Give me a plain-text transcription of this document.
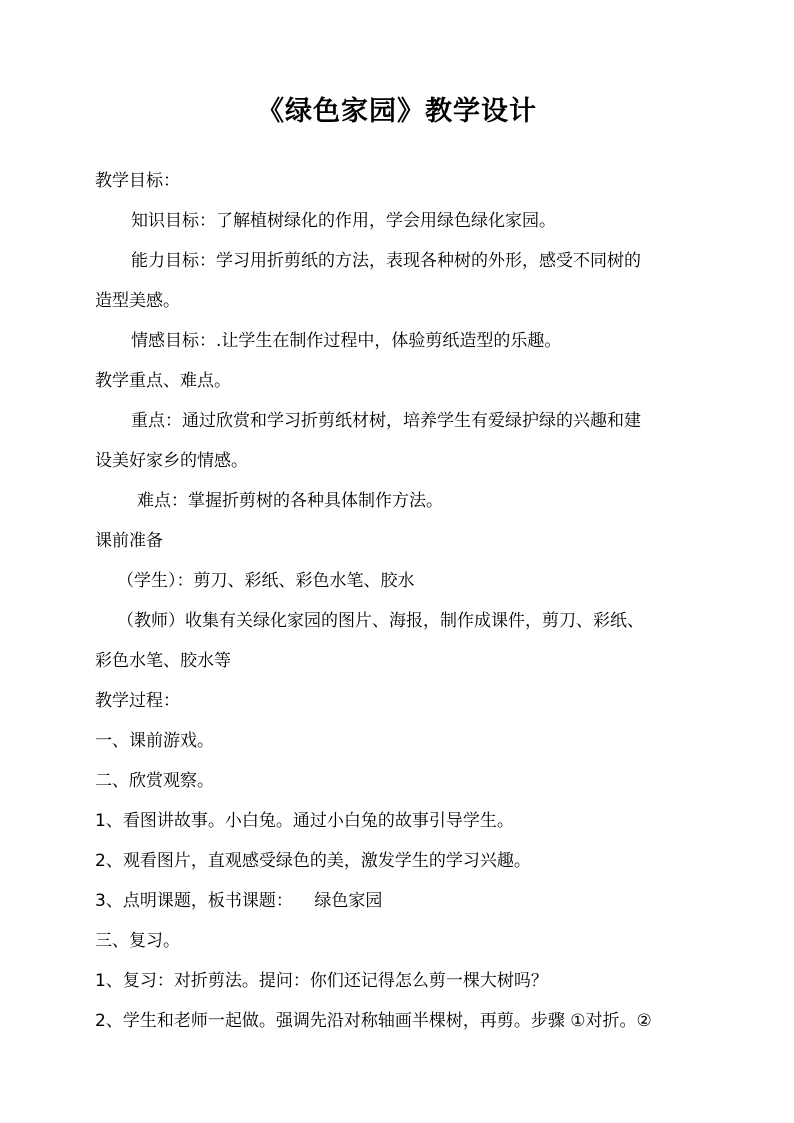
《绿色家园》教学设计
教学目标：
知识目标：了解植树绿化的作用，学会用绿色绿化家园。
能力目标：学习用折剪纸的方法，表现各种树的外形，感受不同树的
造型美感。
情感目标：.让学生在制作过程中，体验剪纸造型的乐趣。
教学重点、难点。
重点：通过欣赏和学习折剪纸材树，培养学生有爱绿护绿的兴趣和建
设美好家乡的情感。
难点：掌握折剪树的各种具体制作方法。
课前准备
（学生）：剪刀、彩纸、彩色水笔、胶水
（教师）收集有关绿化家园的图片、海报，制作成课件，剪刀、彩纸、
彩色水笔、胶水等
教学过程：
一、课前游戏。
二、欣赏观察。
1、看图讲故事。小白兔。通过小白兔的故事引导学生。
2、观看图片，直观感受绿色的美，激发学生的学习兴趣。
3、点明课题，板书课题：    绿色家园
三、复习。
1、复习：对折剪法。提问：你们还记得怎么剪一棵大树吗？
2、学生和老师一起做。强调先沿对称轴画半棵树，再剪。步骤 ①对折。②
